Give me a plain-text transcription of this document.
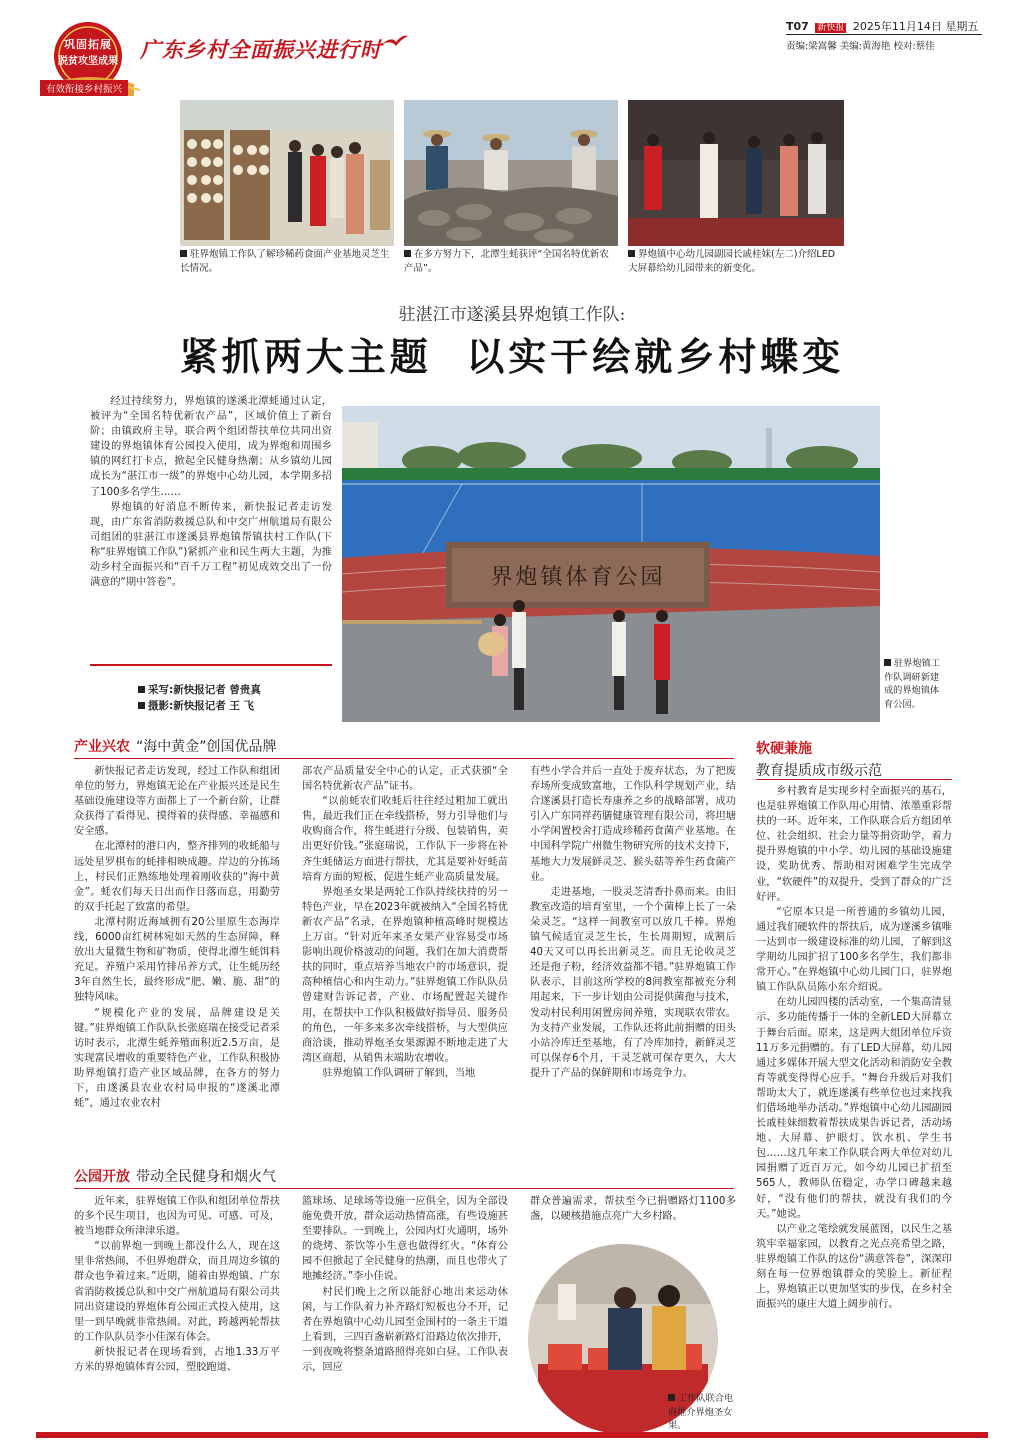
巩固拓展
脱贫攻坚成果 广东乡村全面振兴进行时
有效衔接乡村振兴
T07 新快报 2025年11月14日 星期五
责编:梁嵩馨 美编:黄海艳 校对:蔡佳
驻界炮镇工作队了解珍稀药食面产业基地灵芝生长情况。
在多方努力下，北潭生蚝获评“全国名特优新农产品”。
界炮镇中心幼儿园副园长戚桂妹(左二)介绍LED大屏幕给幼儿园带来的新变化。
驻湛江市遂溪县界炮镇工作队:
紧抓两大主题  以实干绘就乡村蝶变

经过持续努力，界炮镇的遂溪北潭蚝通过认定，被评为“全国名特优新农产品”，区域价值上了新台阶；由镇政府主导，联合两个组团帮扶单位共同出资建设的界炮镇体育公园投入使用，成为界炮和周围乡镇的网红打卡点，掀起全民健身热潮；从乡镇幼儿园成长为“湛江市一级”的界炮中心幼儿园，本学期多招了100多名学生……

界炮镇的好消息不断传来，新快报记者走访发现，由广东省消防救援总队和中交广州航道局有限公司组团的驻湛江市遂溪县界炮镇帮镇扶村工作队(下称“驻界炮镇工作队”)紧抓产业和民生两大主题，为推动乡村全面振兴和“百千万工程”初见成效交出了一份满意的“期中答卷”。

采写:新快报记者 曾贵真
摄影:新快报记者 王 飞
界炮镇体育公园
驻界炮镇工作队调研新建成的界炮镇体育公园。
产业兴农 “海中黄金”创国优品牌

新快报记者走访发现，经过工作队和组团单位的努力，界炮镇无论在产业振兴还是民生基础设施建设等方面都上了一个新台阶，让群众获得了看得见、摸得着的获得感、幸福感和安全感。

在北潭村的港口内，整齐排列的收蚝船与远处星罗棋布的蚝排相映成趣。岸边的分拣场上，村民们正熟练地处理着刚收获的“海中黄金”。蚝农们每天日出而作日落而息，用勤劳的双手托起了致富的希望。

北潭村附近海域拥有20公里原生态海岸线，6000亩红树林宛如天然的生态屏障，释放出大量微生物和矿物质，使得北潭生蚝饵料充足。养殖户采用竹排吊养方式，让生蚝历经3年自然生长，最终形成“肥、嫩、脆、甜”的独特风味。

“规模化产业的发展，品牌建设是关键。”驻界炮镇工作队队长张庭瑞在接受记者采访时表示，北潭生蚝养殖面积近2.5万亩，是实现富民增收的重要特色产业，工作队积极协助界炮镇打造产业区域品牌，在各方的努力下，由遂溪县农业农村局申报的“遂溪北潭蚝”，通过农业农村

部农产品质量安全中心的认定，正式获颁“全国名特优新农产品”证书。

“以前蚝农们收蚝后往往经过粗加工就出售，最近我们正在牵线搭桥，努力引导他们与收购商合作，将生蚝进行分级、包装销售，卖出更好价钱。”张庭瑞说，工作队下一步将在补齐生蚝储运方面进行帮扶，尤其是要补好蚝苗培育方面的短板，促进生蚝产业高质量发展。

界炮圣女果是两轮工作队持续扶持的另一特色产业，早在2023年就被纳入“全国名特优新农产品”名录，在界炮镇种植高峰时规模达上万亩。“针对近年来圣女果产业容易受市场影响出现价格波动的问题，我们在加大消费帮扶的同时，重点培养当地农户的市场意识，提高种植信心和内生动力。”驻界炮镇工作队队员曾建财告诉记者，产业、市场配置起关键作用，在帮扶中工作队积极做好指导员、服务员的角色，一年多来多次牵线搭桥，与大型供应商洽谈，推动界炮圣女果源源不断地走进了大湾区商超，从销售末端助农增收。

驻界炮镇工作队调研了解到，当地

有些小学合并后一直处于废弃状态，为了把废弃场所变成致富地，工作队科学规划产业，结合遂溪县打造长寿康养之乡的战略部署，成功引入广东同祥药膳健康管理有限公司，将坦塘小学闲置校舍打造成珍稀药食菌产业基地。在中国科学院广州微生物研究所的技术支持下，基地大力发展鲜灵芝、猴头菇等养生药食菌产业。

走进基地，一股灵芝清香扑鼻而来。由旧教室改造的培育室里，一个个菌棒上长了一朵朵灵芝。“这样一间教室可以放几千棒。界炮镇气候适宜灵芝生长，生长周期短，成割后40天又可以再长出新灵芝。而且无论收灵芝还是孢子粉，经济效益都不错。”驻界炮镇工作队表示，目前这所学校的8间教室都被充分利用起来，下一步计划由公司提供菌孢与技术，发动村民利用闲置房间养殖，实现联农带农。为支持产业发展，工作队还将此前捐赠的田头小站冷库迁至基地，有了冷库加持，新鲜灵芝可以保存6个月，干灵芝就可保存更久，大大提升了产品的保鲜期和市场竞争力。

公园开放 带动全民健身和烟火气

近年来，驻界炮镇工作队和组团单位帮扶的多个民生项目，也因为可见、可感、可及，被当地群众所津津乐道。

“以前界炮一到晚上都没什么人，现在这里非常热闹，不但界炮群众，而且周边乡镇的群众也争着过来。”近期，随着由界炮镇、广东省消防救援总队和中交广州航道局有限公司共同出资建设的界炮体育公园正式投入使用，这里一到早晚就非常热闹。对此，跨越两轮帮扶的工作队队员李小佳深有体会。

新快报记者在现场看到，占地1.33万平方米的界炮镇体育公园，塑胶跑道、

篮球场、足球场等设施一应俱全，因为全部设施免费开放，群众运动热情高涨，有些设施甚至要排队。一到晚上，公园内灯火通明，场外的烧烤、茶饮等小生意也做得红火。“体育公园不但掀起了全民健身的热潮，而且也带火了地摊经济。”李小佳说。

村民们晚上之所以能舒心地出来运动休闲，与工作队着力补齐路灯短板也分不开，记者在界炮镇中心幼儿园至金围村的一条主干道上看到，三四百盏崭新路灯沿路边依次排开，一到夜晚将整条道路照得亮如白昼。工作队表示，回应

群众普遍需求，帮扶至今已捐赠路灯1100多盏，以硬核措施点亮广大乡村路。

工作队联合电商推介界炮圣女果。
软硬兼施
教育提质成市级示范

乡村教育是实现乡村全面振兴的基石，也是驻界炮镇工作队用心用情、浓墨重彩帮扶的一环。近年来，工作队联合后方组团单位、社会组织、社会力量等捐资助学，着力提升界炮镇的中小学、幼儿园的基础设施建设，奖助优秀、帮助相对困难学生完成学业，“软硬件”的双提升，受到了群众的广泛好评。

“它原本只是一所普通的乡镇幼儿园，通过我们硬软件的帮扶后，成为遂溪乡镇唯一达到市一级建设标准的幼儿园，了解到这学期幼儿园扩招了100多名学生，我们都非常开心。”在界炮镇中心幼儿园门口，驻界炮镇工作队队员陈小东介绍说。

在幼儿园四楼的活动室，一个集高清显示、多功能传播于一体的全新LED大屏幕立于舞台后面。原来，这是两大组团单位斥资11万多元捐赠的。有了LED大屏幕，幼儿园通过多媒体开展大型文化活动和消防安全教育等就变得得心应手。“舞台升级后对我们帮助太大了，就连遂溪有些单位也过来找我们借场地举办活动。”界炮镇中心幼儿园副园长戚桂妹细数着帮扶成果告诉记者，活动场地、大屏幕、护眼灯、饮水机、学生书包……这几年来工作队联合两大单位对幼儿园捐赠了近百万元，如今幼儿园已扩招至565人，教师队伍稳定，办学口碑越来越好，“没有他们的帮扶，就没有我们的今天。”她说。

以产业之笔绘就发展蓝图，以民生之基筑牢幸福家园，以教育之光点亮希望之路，驻界炮镇工作队的这份“满意答卷”，深深印刻在每一位界炮镇群众的笑脸上。新征程上，界炮镇正以更加坚实的步伐，在乡村全面振兴的康庄大道上阔步前行。
